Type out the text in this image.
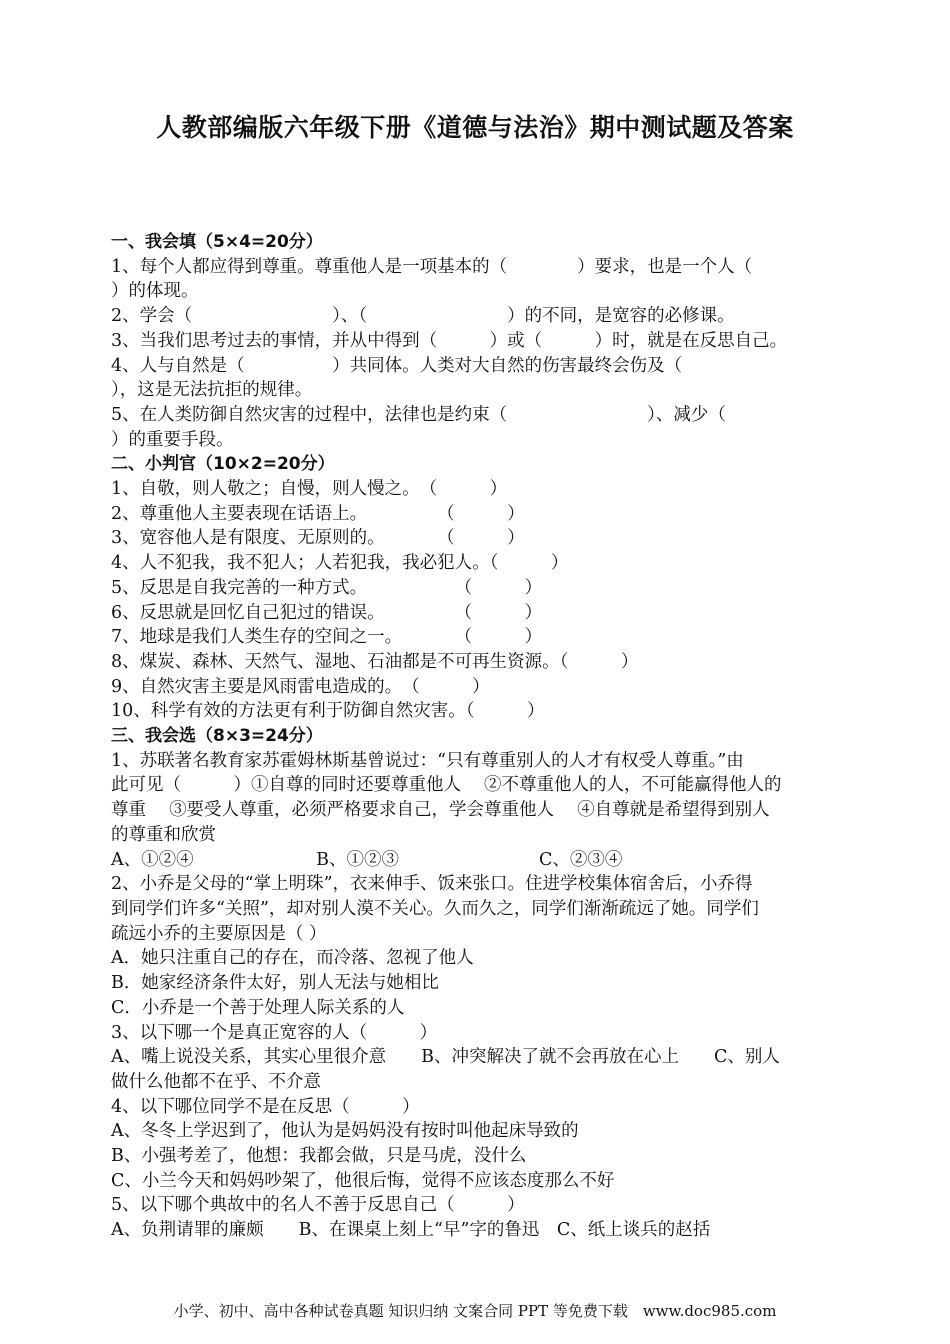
人教部编版六年级下册《道德与法治》期中测试题及答案
一、我会填（5×4=20分）
1、每个人都应得到尊重。尊重他人是一项基本的（　　　　）要求，也是一个人（
）的体现。
2、学会（　　　　　　　　）、（　　　　　　　　）的不同，是宽容的必修课。
3、当我们思考过去的事情，并从中得到（　　　）或（　　　）时，就是在反思自己。
4、人与自然是（　　　　　）共同体。人类对大自然的伤害最终会伤及（
），这是无法抗拒的规律。
5、在人类防御自然灾害的过程中，法律也是约束（　　　　　　　　）、减少（
）的重要手段。
二、小判官（10×2=20分）
1、自敬，则人敬之；自慢，则人慢之。　（　　　）
2、尊重他人主要表现在话语上。　　　　　（　　　）
3、宽容他人是有限度、无原则的。　　　　（　　　）
4、人不犯我，我不犯人；人若犯我，我必犯人。（　　　）
5、反思是自我完善的一种方式。　　　　　　（　　　）
6、反思就是回忆自己犯过的错误。　　　　　（　　　）
7、地球是我们人类生存的空间之一。　　　　（　　　）
8、煤炭、森林、天然气、湿地、石油都是不可再生资源。（　　　）
9、自然灾害主要是风雨雷电造成的。　（　　　）
10、科学有效的方法更有利于防御自然灾害。（　　　）
三、我会选（8×3=24分）
1、苏联著名教育家苏霍姆林斯基曾说过：“只有尊重别人的人才有权受人尊重。”由
此可见（　　　）①自尊的同时还要尊重他人　 ②不尊重他人的人，不可能赢得他人的
尊重　 ③要受人尊重，必须严格要求自己，学会尊重他人　 ④自尊就是希望得到别人
的尊重和欣赏
A、①②④　　　　　　　B、①②③　　　　　　　　C、②③④
2、小乔是父母的“掌上明珠”，衣来伸手、饭来张口。住进学校集体宿舍后，小乔得
到同学们许多“关照”，却对别人漠不关心。久而久之，同学们渐渐疏远了她。同学们
疏远小乔的主要原因是（ ）
A．她只注重自己的存在，而冷落、忽视了他人
B．她家经济条件太好，别人无法与她相比
C．小乔是一个善于处理人际关系的人
3、以下哪一个是真正宽容的人（　　　）
A、嘴上说没关系，其实心里很介意　　B、冲突解决了就不会再放在心上　　C、别人
做什么他都不在乎、不介意
4、以下哪位同学不是在反思（　　　）
A、冬冬上学迟到了，他认为是妈妈没有按时叫他起床导致的
B、小强考差了，他想：我都会做，只是马虎，没什么
C、小兰今天和妈妈吵架了，他很后悔，觉得不应该态度那么不好
5、以下哪个典故中的名人不善于反思自己（　　　）
A、负荆请罪的廉颇　　B、在课桌上刻上“早”字的鲁迅　C、纸上谈兵的赵括
小学、初中、高中各种试卷真题 知识归纳 文案合同 PPT 等免费下载　www.doc985.com
